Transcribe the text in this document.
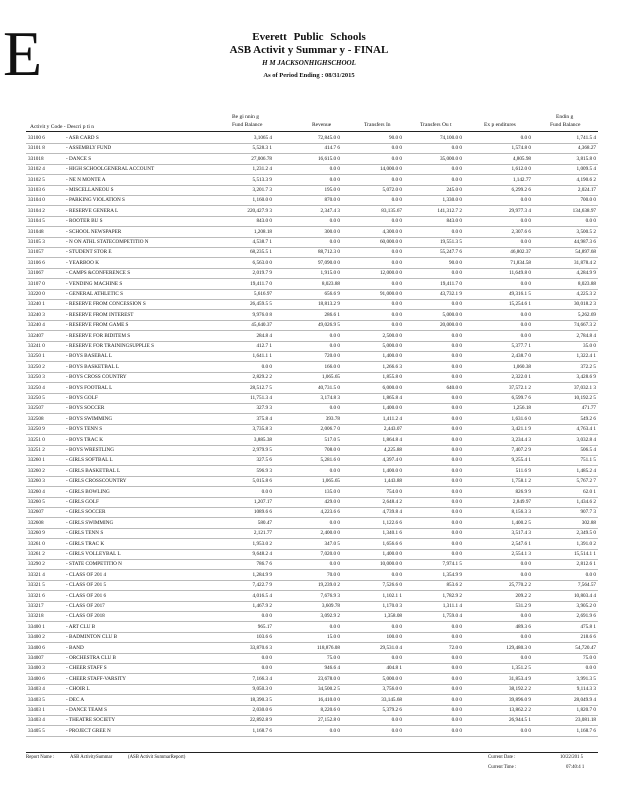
E	Everett Public Schools
ASB Activit y Summar y - FINAL
H M JACKSONHIGHSCHOOL
As of Period Ending : 08/31/2015
Activit y Code - Descri p ti n
Be gi nnin g
Fund Balance	Revenue	Transfers In	Transfers Ou t	Ex p enditures
Endin g
Fund Balance
33100 6	- ASB CARD S	3,1065 4	72,845.0 0	90.0 0	74,100.0 0	0.0 0	1,741.5 4
33101 8	- ASSEMBLY FUND	5,528.3 1	414.7 6	0.0 0	0.0 0	1,574.8 0	4,368.27
331018	- DANCE S	27,006.78	16,615.0 0	0.0 0	35,000.0 0	4,805.98	3,815.8 0
33102 4	- HIGH SCHOOLGENERAL ACCOUNT	1,231.2 4	0.0 0	14,000.0 0	0.0 0	1,612.0 0	1,009.5 4
33102 5	- NE N MONTE A	5,513.3 9	0.0 0	0.0 0	0.0 0	1,142.77	4,190.6 2
33103 6	- MISCELLANEOU S	3,201.7 3	195.0 0	5,072.0 0	245.0 0	6,299.2 6	2,024.17
33104 0	- PARKING VIOLATION S	1,160.0 0	870.0 0	0.0 0	1,330.0 0	0.0 0	700.0 0
33104 2	- RESERVE GENERA L	220,427.9 3	2,347.4 3	83,135.67	141,312.7 2	29,977.3 4	134,638.97
33104 5	- ROOTER BU S	843.0 0	0.0 0	0.0 0	843.0 0	0.0 0	0.0 0
331048	- SCHOOL NEWSPAPER	1,208.18	300.0 0	4,300.0 0	0.0 0	2,307.6 6	3,500.5 2
33105 3	- N ON ATHL STATECOMPETITIO N	4,538.7 1	0.0 0	60,000.0 0	19,551.3 5	0.0 0	44,987.3 6
331057	- STUDENT STOR E	68,235.5 1	88,712.3 0	0.0 0	55,247.7 6	46,802.37	54,897.68
33106 6	- YEARBOO K	6,563.0 0	97,090.0 0	0.0 0	90.0 0	71,834.58	31,878.4 2
331067	- CAMPS &CONFERENCE S	2,019.7 9	1,915.0 0	12,000.0 0	0.0 0	11,649.8 0	4,284.9 9
33107 0	- VENDING MACHINE S	19,411.7 0	8,023.88	0.0 0	19,411.7 0	0.0 0	8,023.88
33220 0	- GENERAL ATHLETIC S	5,616.97	656.6 9	91,000.0 0	43,732.1 9	49,316.1 5	4,225.3 2
33240 1	- RESERVE FROM CONCESSION S	26,459.5 5	18,813.2 9	0.0 0	0.0 0	15,254.6 1	30,018.2 3
33240 3	- RESERVE FROM INTEREST	9,976.0 8	286.6 1	0.0 0	5,000.0 0	0.0 0	5,262.69
33240 4	- RESERVE FROM GAME S	45,640.37	49,026.9 5	0.0 0	20,000.0 0	0.0 0	74,667.3 2
332407	- RESERVE FOR BIDITEM S	284.8 4	0.0 0	2,500.0 0	0.0 0	0.0 0	2,784.8 4
33241 0	- RESERVE FOR TRAININGSUPPLIE S	412.7 1	0.0 0	5,000.0 0	0.0 0	5,377.7 1	35.0 0
33250 1	- BOYS BASEBAL L	1,641.1 1	720.0 0	1,400.0 0	0.0 0	2,438.7 0	1,322.4 1
33250 2	- BOYS BASKETBAL L	0.0 0	166.0 0	1,266.6 3	0.0 0	1,060.38	372.2 5
33250 3	- BOYS CROSS COUNTRY	2,829.2 2	1,065.65	1,855.8 0	0.0 0	2,322.0 1	3,428.6 9
33250 4	- BOYS FOOTBAL L	28,512.7 5	40,731.5 0	6,000.0 0	640.0 0	37,572.1 2	37,032.1 3
33250 5	- BOYS GOLF	11,751.3 4	3,174.8 3	1,865.8 4	0.0 0	6,599.7 6	10,192.2 5
332507	- BOYS SOCCER	327.9 3	0.0 0	1,400.0 0	0.0 0	1,256.18	471.77
332508	- BOYS SWIMMING	375.8 4	393.78	1,411.2 4	0.0 0	1,631.6 0	549.2 6
33250 9	- BOYS TENN S	3,735.8 3	2,006.7 0	2,443.07	0.0 0	3,421.1 9	4,763.4 1
33251 0	- BOYS TRAC K	3,885.38	517.0 5	1,864.8 4	0.0 0	3,234.4 3	3,032.8 4
33251 2	- BOYS WRESTLING	2,979.9 5	708.0 0	4,225.88	0.0 0	7,407.2 9	506.5 4
33260 1	- GIRLS SOFTBAL L	327.5 6	5,281.6 0	4,397.4 0	0.0 0	9,255.4 1	751.1 5
33260 2	- GIRLS BASKETBAL L	596.9 3	0.0 0	1,400.0 0	0.0 0	511.6 9	1,485.2 4
33260 3	- GIRLS CROSSCOUNTRY	5,015.8 6	1,065.65	1,443.88	0.0 0	1,758.1 2	5,767.2 7
33260 4	- GIRLS BOWLING	0.0 0	135.0 0	754.0 0	0.0 0	826.9 9	62.0 1
33260 5	- GIRLS GOLF	1,207.17	429.0 0	2,648.4 2	0.0 0	2,849.97	1,434.6 2
332607	- GIRLS SOCCER	1089.6 6	4,223.6 6	4,739.8 4	0.0 0	8,156.3 3	907.7 3
332608	- GIRLS SWIMMING	580.47	0.0 0	1,122.6 6	0.0 0	1,400.2 5	302.88
33260 9	- GIRLS TENN S	2,121.77	2,400.0 0	1,340.1 6	0.0 0	3,517.4 3	2,349.5 0
33261 0	- GIRLS TRAC K	1,953.0 2	347.0 5	1,656.6 6	0.0 0	2,547.6 1	1,391.0 2
33261 2	- GIRLS VOLLEYBAL L	9,648.2 4	7,020.0 0	1,400.0 0	0.0 0	2,554.1 3	15,514.1 1
33290 2	- STATE COMPETITIO N	786.7 6	0.0 0	10,000.0 0	7,974.1 5	0.0 0	2,812.6 1
33321 4	- CLASS OF 201 4	1,284.9 9	70.0 0	0.0 0	1,354.9 9	0.0 0	0.0 0
33321 5	- CLASS OF 201 5	7,422.7 9	19,239.0 2	7,526.6 0	853.6 2	25,770.2 2	7,564.57
33321 6	- CLASS OF 201 6	4,016.5 4	7,676.9 3	1,102.1 1	1,782.9 2	209.2 2	10,803.4 4
333217	- CLASS OF 2017	1,467.9 2	3,609.78	1,170.0 3	1,311.1 4	531.2 9	3,905.2 0
333218	- CLASS OF 2018	0.0 0	3,092.9 2	1,358.08	1,759.0 4	0.0 0	2,691.9 6
33400 1	- ART CLU B	965.17	0.0 0	0.0 0	0.0 0	489.3 6	475.8 1
33400 2	- BADMINTON CLU B	103.6 6	15.0 0	100.0 0	0.0 0	0.0 0	218.6 6
33400 6	- BAND	33,870.6 3	118,876.08	29,531.0 4	72.0 0	129,480.3 0	54,720.47
334007	- ORCHESTRA CLU B	0.0 0	75.0 0	0.0 0	0.0 0	0.0 0	75.0 0
33400 3	- CHEER STAFF S	0.0 0	946.6 4	404.8 1	0.0 0	1,351.2 5	0.0 0
33400 6	- CHEER STAFF-VARSITY	7,166.3 4	23,678.0 0	5,000.0 0	0.0 0	31,853.4 9	3,991.3 5
33403 4	- CHOIR L	9,050.3 0	34,500.2 5	3,756.0 0	0.0 0	38,192.2 2	9,114.3 3
33403 5	- DEC A	18,390.3 5	16,410.0 0	33,145.68	0.0 0	39,896.0 9	28,049.9 4
33403 1	- DANCE TEAM S	2,030.0 6	8,220.6 0	5,379.2 6	0.0 0	13,862.2 2	1,820.7 0
33403 4	- THEATRE SOCIETY	22,892.8 9	27,152.8 0	0.0 0	0.0 0	26,944.5 1	23,081.18
33405 5	- PROJECT GREE N	1,168.7 6	0.0 0	0.0 0	0.0 0	0.0 0	1,168.7 6
Report Name :	ASB ActivitySummar	(ASB Activit SummarReport)	Current Date :	10/22/201 5
Current Time :	07:40:4 1
